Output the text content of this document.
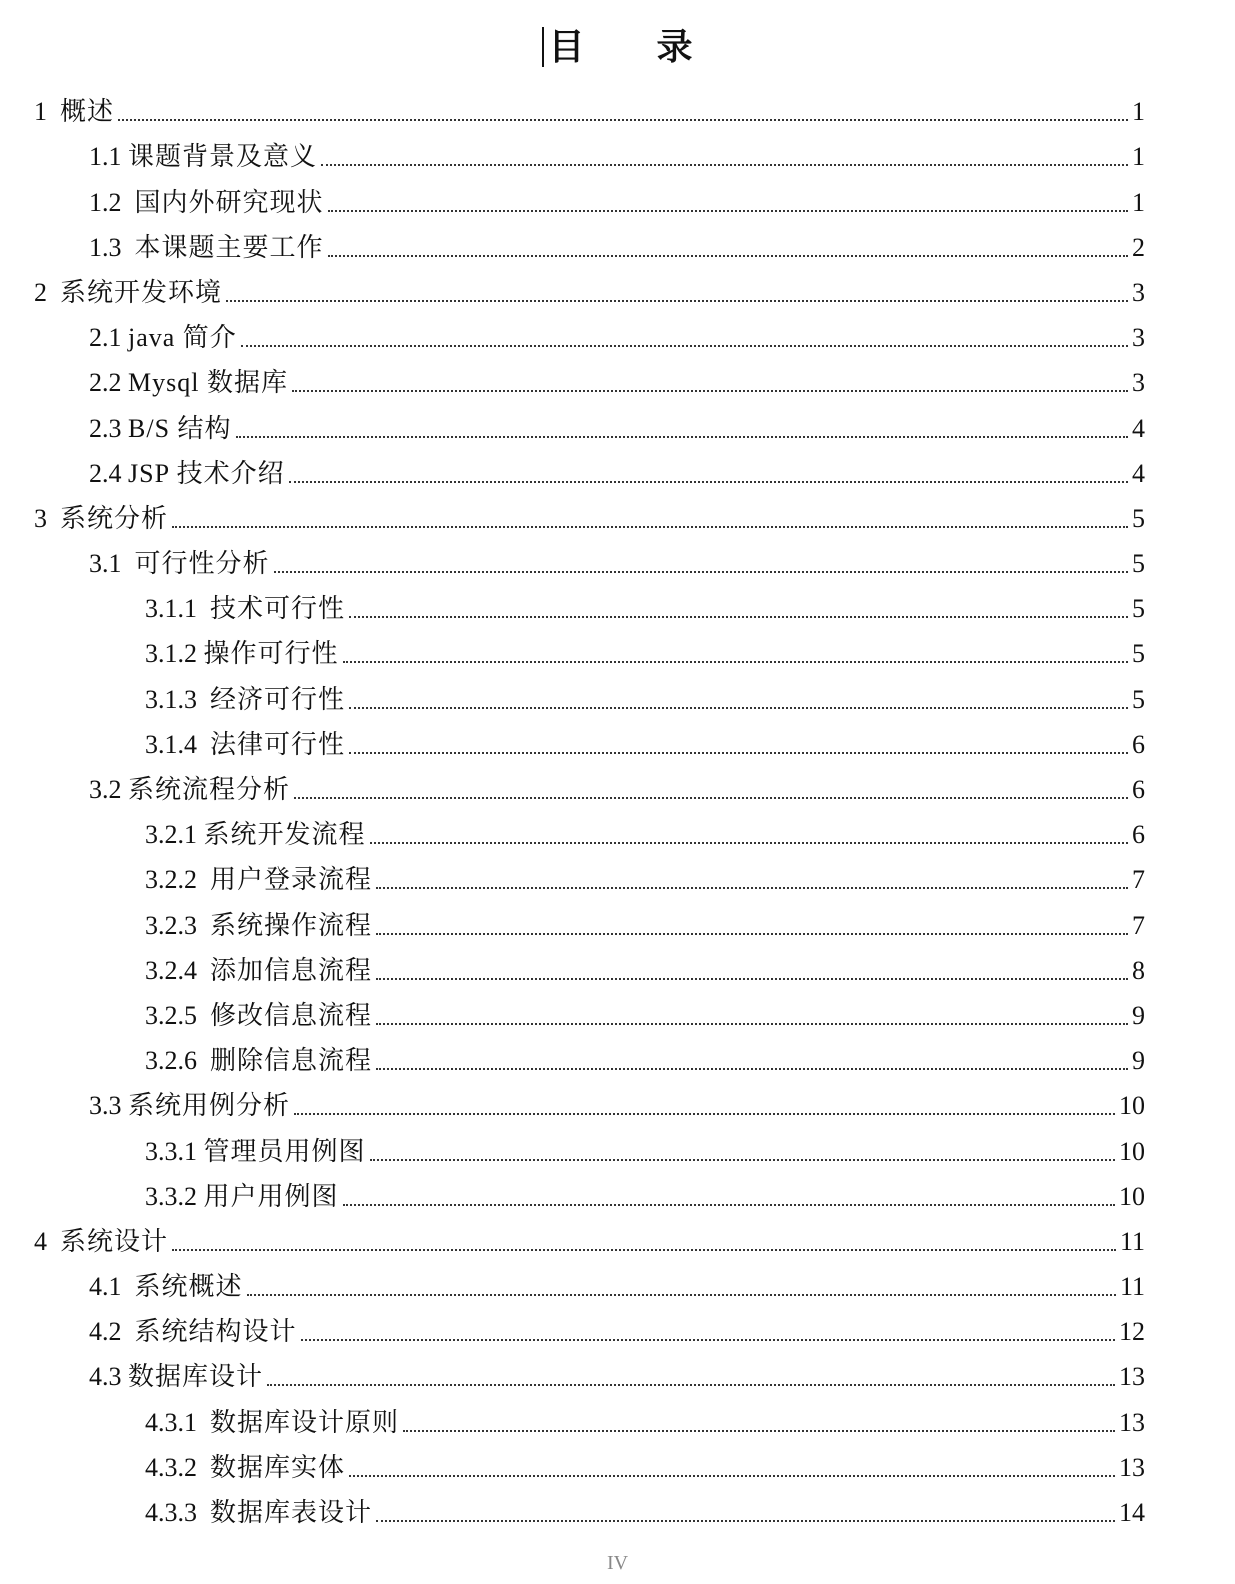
目 录
1 概述	1
1.1 课题背景及意义	1
1.2 国内外研究现状	1
1.3 本课题主要工作	2
2 系统开发环境	3
2.1 java 简介	3
2.2 Mysql 数据库	3
2.3 B/S 结构	4
2.4 JSP 技术介绍	4
3 系统分析	5
3.1 可行性分析	5
3.1.1 技术可行性	5
3.1.2 操作可行性	5
3.1.3 经济可行性	5
3.1.4 法律可行性	6
3.2 系统流程分析	6
3.2.1 系统开发流程	6
3.2.2 用户登录流程	7
3.2.3 系统操作流程	7
3.2.4 添加信息流程	8
3.2.5 修改信息流程	9
3.2.6 删除信息流程	9
3.3 系统用例分析	10
3.3.1 管理员用例图	10
3.3.2 用户用例图	10
4 系统设计	11
4.1 系统概述	11
4.2 系统结构设计	12
4.3 数据库设计	13
4.3.1 数据库设计原则	13
4.3.2 数据库实体	13
4.3.3 数据库表设计	14
IV
